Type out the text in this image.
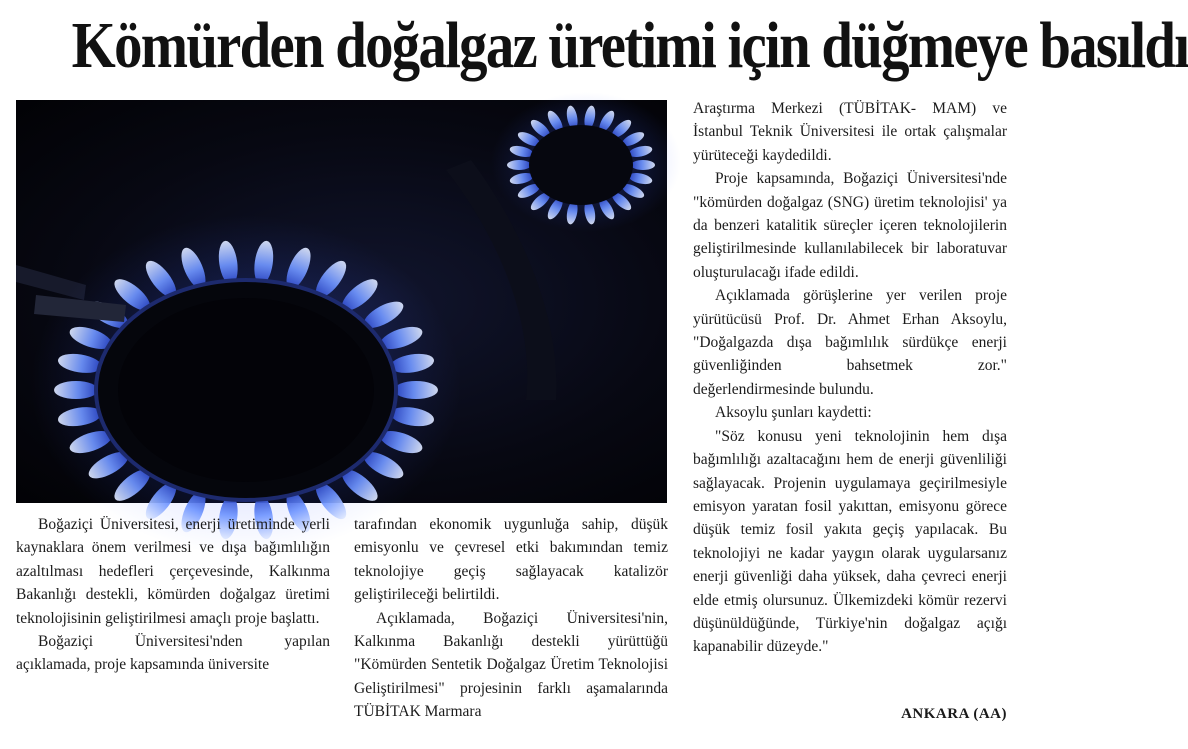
Kömürden doğalgaz üretimi için düğmeye basıldı

Boğaziçi Üniversitesi, enerji üretiminde yerli kaynaklara önem verilmesi ve dışa bağımlılığın azaltılması hedefleri çerçevesinde, Kalkınma Bakanlığı destekli, kömürden doğalgaz üretimi teknolojisinin geliştirilmesi amaçlı proje başlattı.

Boğaziçi Üniversitesi'nden yapılan açıklamada, proje kapsamında üniversite

tarafından ekonomik uygunluğa sahip, düşük emisyonlu ve çevresel etki bakımından temiz teknolojiye geçiş sağlayacak katalizör geliştirileceği belirtildi.

Açıklamada, Boğaziçi Üniversitesi'nin, Kalkınma Bakanlığı destekli yürüttüğü "Kömürden Sentetik Doğalgaz Üretim Teknolojisi Geliştirilmesi" projesinin farklı aşamalarında TÜBİTAK Marmara

Araştırma Merkezi (TÜBİTAK- MAM) ve İstanbul Teknik Üniversitesi ile ortak çalışmalar yürüteceği kaydedildi.

Proje kapsamında, Boğaziçi Üniversitesi'nde "kömürden doğalgaz (SNG) üretim teknolojisi' ya da benzeri katalitik süreçler içeren teknolojilerin geliştirilmesinde kullanılabilecek bir laboratuvar oluşturulacağı ifade edildi.

Açıklamada görüşlerine yer verilen proje yürütücüsü Prof. Dr. Ahmet Erhan Aksoylu, "Doğalgazda dışa bağımlılık sürdükçe enerji güvenliğinden bahsetmek zor." değerlendirmesinde bulundu.

Aksoylu şunları kaydetti:

"Söz konusu yeni teknolojinin hem dışa bağımlılığı azaltacağını hem de enerji güvenliliği sağlayacak. Projenin uygulamaya geçirilmesiyle emisyon yaratan fosil yakıttan, emisyonu görece düşük temiz fosil yakıta geçiş yapılacak. Bu teknolojiyi ne kadar yaygın olarak uygularsanız enerji güvenliği daha yüksek, daha çevreci enerji elde etmiş olursunuz. Ülkemizdeki kömür rezervi düşünüldüğünde, Türkiye'nin doğalgaz açığı kapanabilir düzeyde."

ANKARA (AA)
